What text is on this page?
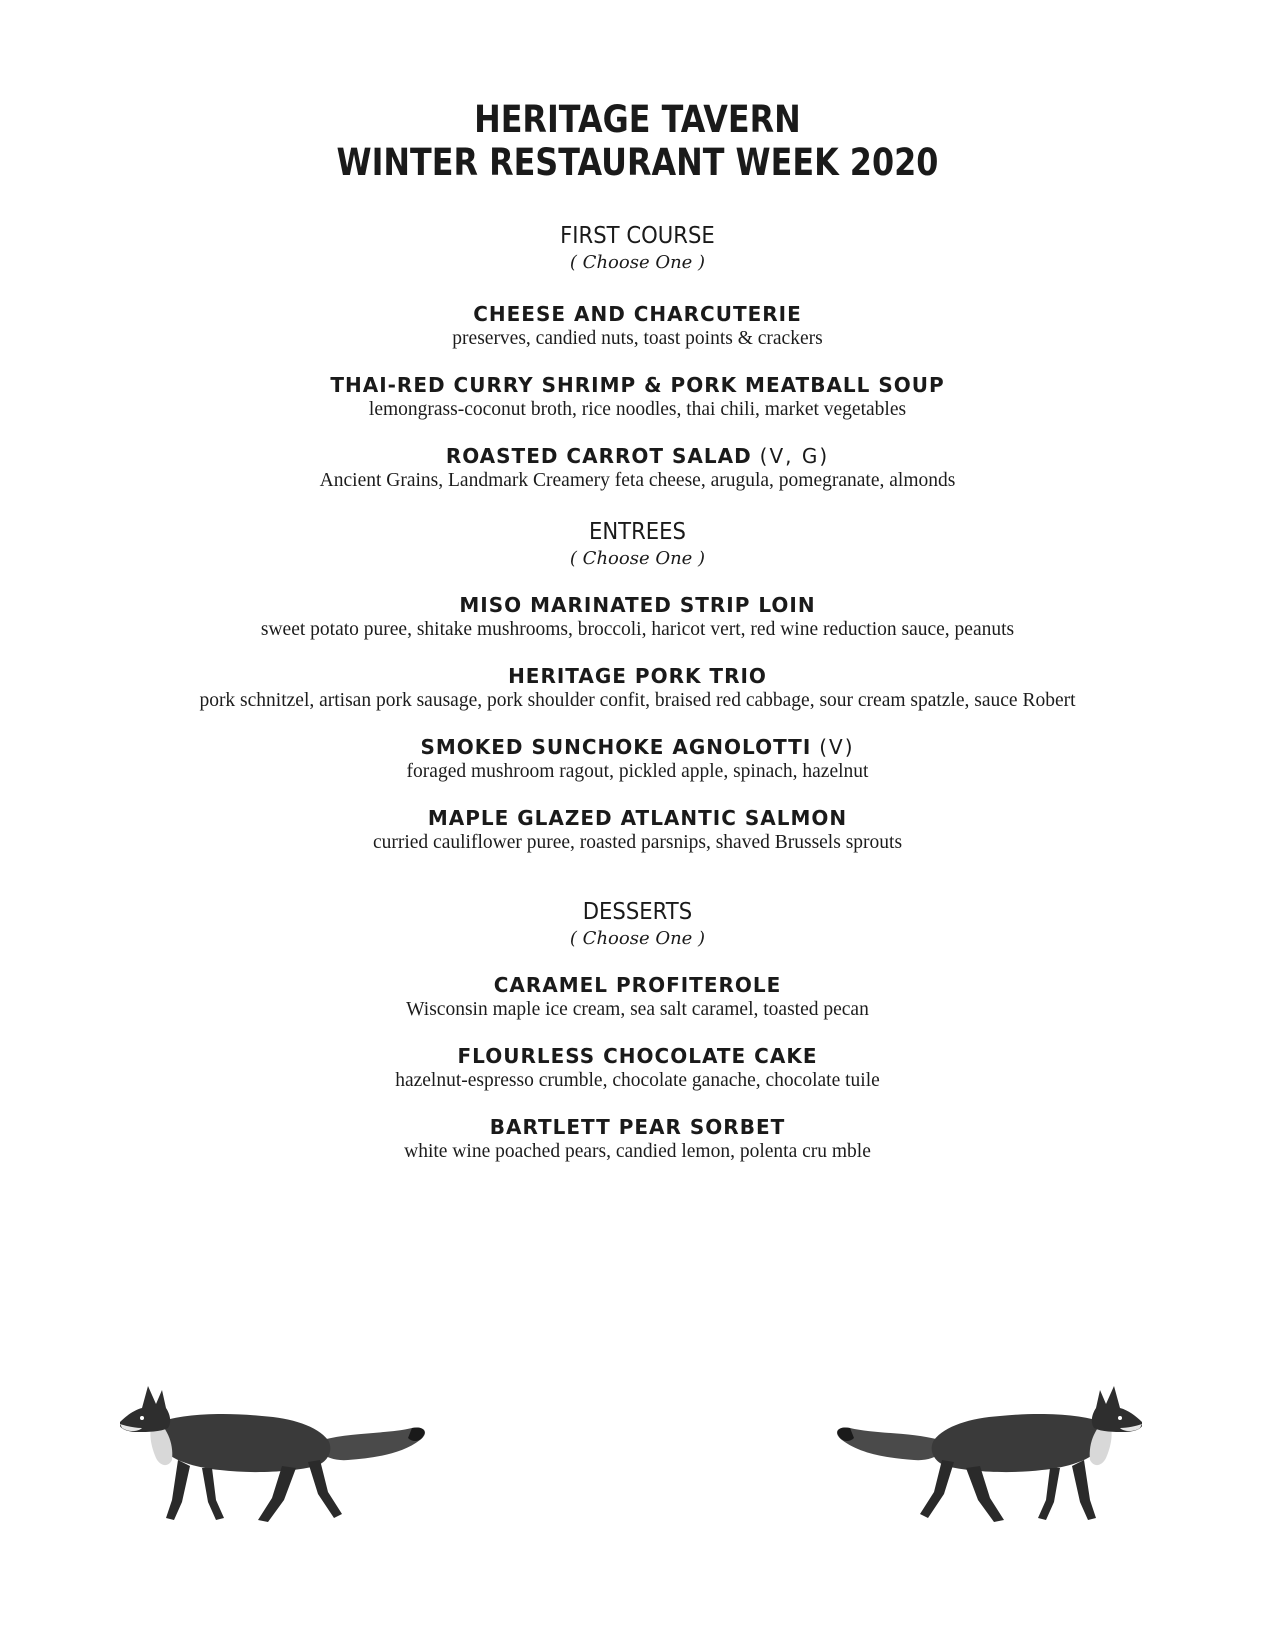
HERITAGE TAVERN
WINTER RESTAURANT WEEK 2020
FIRST COURSE
( Choose One )
CHEESE AND CHARCUTERIE
preserves, candied nuts, toast points & crackers
THAI-RED CURRY SHRIMP & PORK MEATBALL SOUP
lemongrass-coconut broth, rice noodles, thai chili, market vegetables
ROASTED CARROT SALAD (V, G)
Ancient Grains, Landmark Creamery feta cheese, arugula, pomegranate, almonds
ENTREES
( Choose One )
MISO MARINATED STRIP LOIN
sweet potato puree, shitake mushrooms, broccoli, haricot vert, red wine reduction sauce, peanuts
HERITAGE PORK TRIO
pork schnitzel, artisan pork sausage, pork shoulder confit, braised red cabbage, sour cream spatzle, sauce Robert
SMOKED SUNCHOKE AGNOLOTTI (V)
foraged mushroom ragout, pickled apple, spinach, hazelnut
MAPLE GLAZED ATLANTIC SALMON
curried cauliflower puree, roasted parsnips, shaved Brussels sprouts
DESSERTS
( Choose One )
CARAMEL PROFITEROLE
Wisconsin maple ice cream, sea salt caramel, toasted pecan
FLOURLESS CHOCOLATE CAKE
hazelnut-espresso crumble, chocolate ganache, chocolate tuile
BARTLETT PEAR SORBET
white wine poached pears, candied lemon, polenta cru mble
